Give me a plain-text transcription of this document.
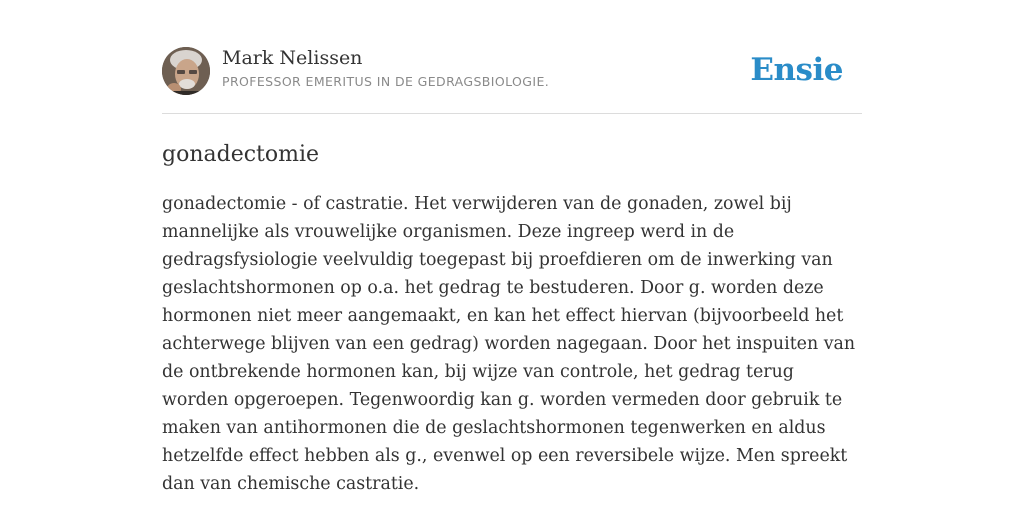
Mark Nelissen
PROFESSOR EMERITUS IN DE GEDRAGSBIOLOGIE.	Ensie
gonadectomie

gonadectomie - of castratie. Het verwijderen van de gonaden, zowel bij mannelijke als vrouwelijke organismen. Deze ingreep werd in de gedragsfysiologie veelvuldig toegepast bij proefdieren om de inwerking van geslachtshormonen op o.a. het gedrag te bestuderen. Door g. worden deze hormonen niet meer aangemaakt, en kan het effect hiervan (bijvoorbeeld het achterwege blijven van een gedrag) worden nagegaan. Door het inspuiten van de ontbrekende hormonen kan, bij wijze van controle, het gedrag terug worden opgeroepen. Tegenwoordig kan g. worden vermeden door gebruik te maken van antihormonen die de geslachtshormonen tegenwerken en aldus hetzelfde effect hebben als g., evenwel op een reversibele wijze. Men spreekt dan van chemische castratie.
